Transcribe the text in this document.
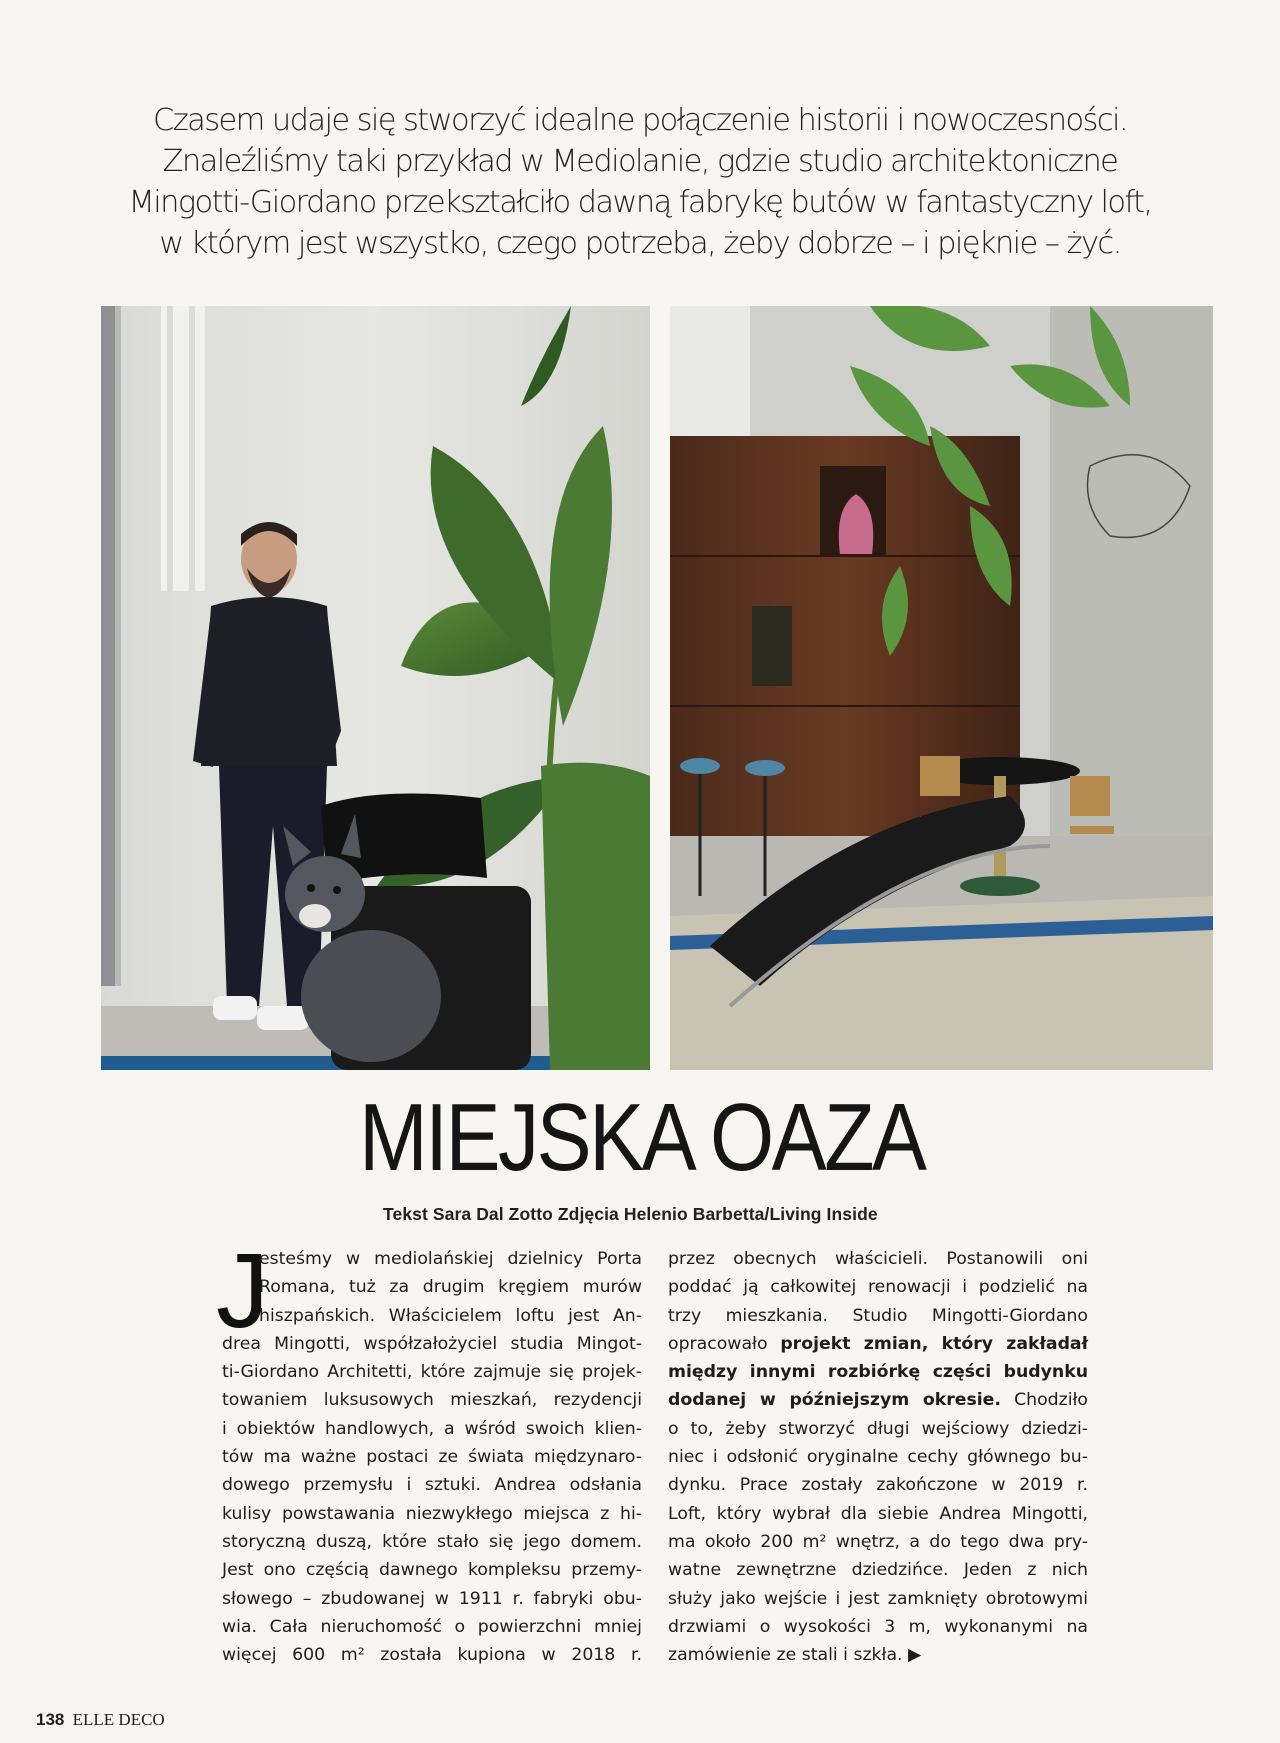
Czasem udaje się stworzyć idealne połączenie historii i nowoczesności.
Znaleźliśmy taki przykład w Mediolanie, gdzie studio architektoniczne
Mingotti-Giordano przekształciło dawną fabrykę butów w fantastyczny loft,
w którym jest wszystko, czego potrzeba, żeby dobrze – i pięknie – żyć.
MIEJSKA OAZA
Tekst Sara Dal Zotto Zdjęcia Helenio Barbetta/Living Inside
J
esteśmy w mediolańskiej dzielnicy Porta
Romana, tuż za drugim kręgiem murów
hiszpańskich. Właścicielem loftu jest An-
drea Mingotti, współzałożyciel studia Mingot-
ti-Giordano Architetti, które zajmuje się projek-
towaniem luksusowych mieszkań, rezydencji
i obiektów handlowych, a wśród swoich klien-
tów ma ważne postaci ze świata międzynaro-
dowego przemysłu i sztuki. Andrea odsłania
kulisy powstawania niezwykłego miejsca z hi-
storyczną duszą, które stało się jego domem.
Jest ono częścią dawnego kompleksu przemy-
słowego – zbudowanej w 1911 r. fabryki obu-
wia. Cała nieruchomość o powierzchni mniej
więcej 600 m² została kupiona w 2018 r.
przez obecnych właścicieli. Postanowili oni
poddać ją całkowitej renowacji i podzielić na
trzy mieszkania. Studio Mingotti-Giordano
opracowało projekt zmian, który zakładał
między innymi rozbiórkę części budynku
dodanej w późniejszym okresie. Chodziło
o to, żeby stworzyć długi wejściowy dziedzi-
niec i odsłonić oryginalne cechy głównego bu-
dynku. Prace zostały zakończone w 2019 r.
Loft, który wybrał dla siebie Andrea Mingotti,
ma około 200 m² wnętrz, a do tego dwa pry-
watne zewnętrzne dziedzińce. Jeden z nich
służy jako wejście i jest zamknięty obrotowymi
drzwiami o wysokości 3 m, wykonanymi na
zamówienie ze stali i szkła. ▶
138 ELLE DECO
